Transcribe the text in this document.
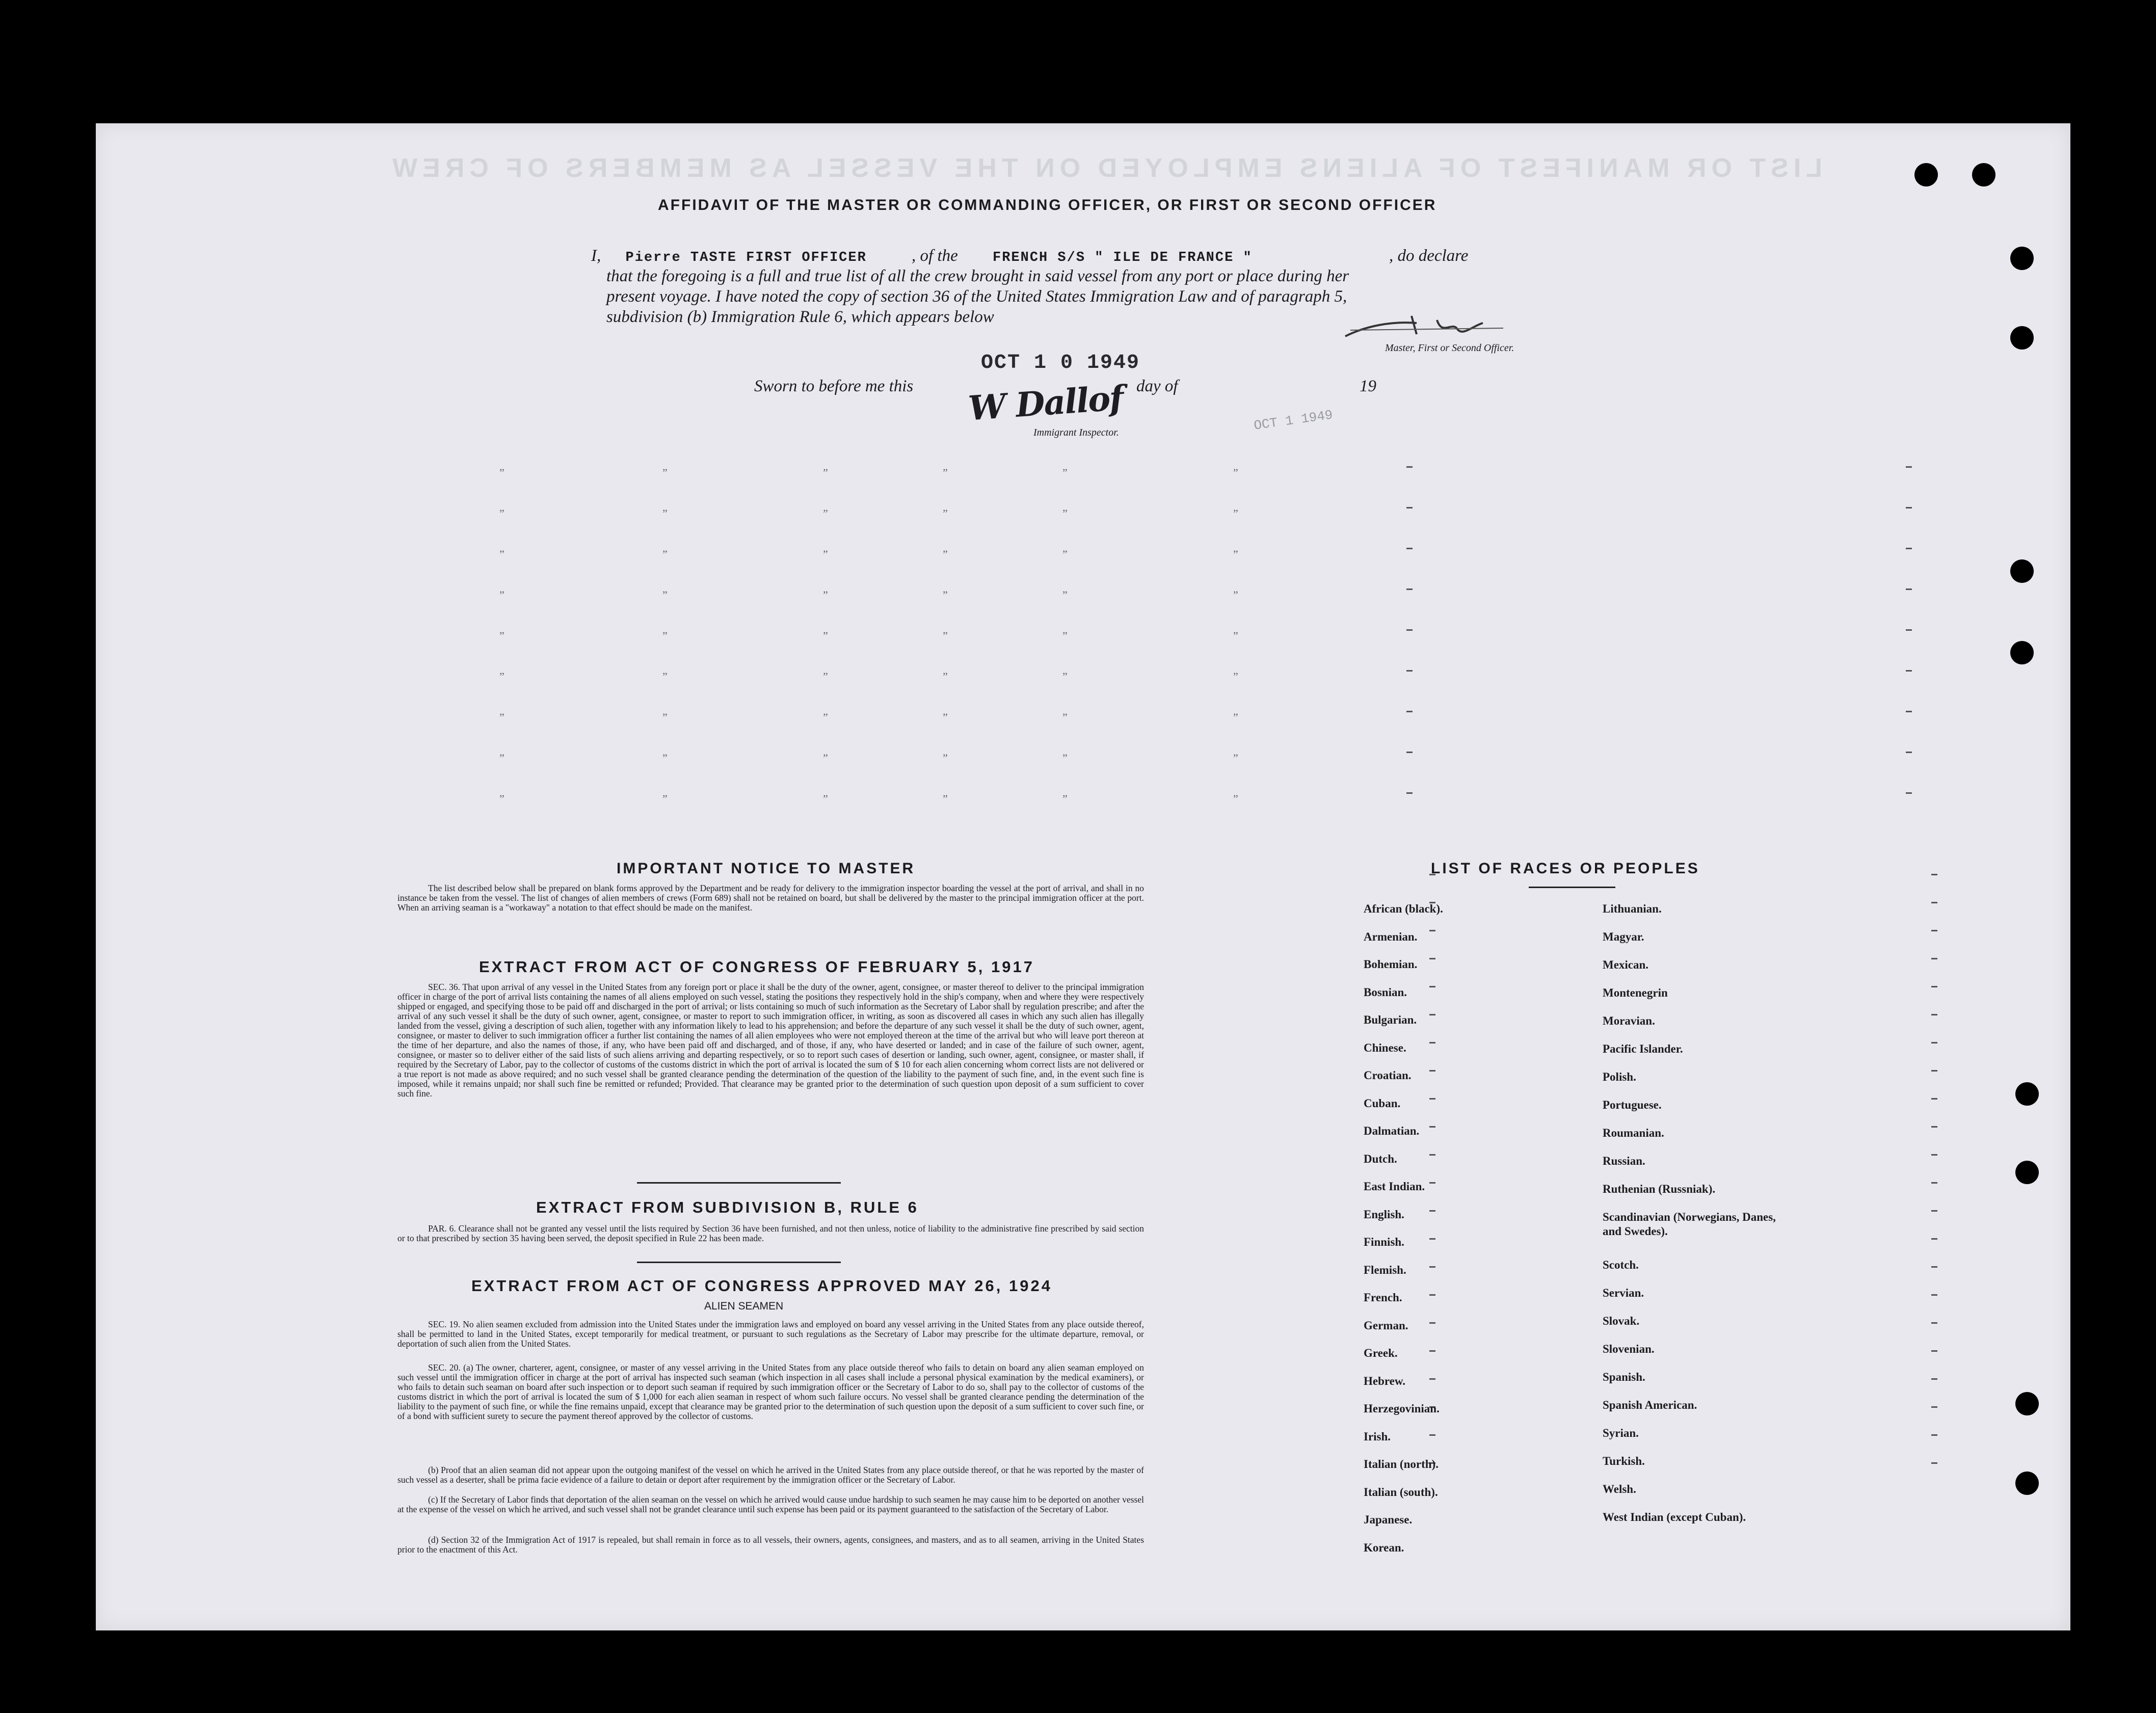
LIST OR MANIFEST OF ALIENS EMPLOYED ON THE VESSEL AS MEMBERS OF CREW
AFFIDAVIT OF THE MASTER OR COMMANDING OFFICER, OR FIRST OR SECOND OFFICER
I, Pierre TASTE FIRST OFFICER	, of the	FRENCH S/S " ILE DE FRANCE "	, do declare
that the foregoing is a full and true list of all the crew brought in said vessel from any port or place during her
present voyage. I have noted the copy of section 36 of the United States Immigration Law and of paragraph 5,
subdivision (b) Immigration Rule 6, which appears below
Master, First or Second Officer.
OCT 1 0 1949
Sworn to before me this	day of	19
W Dallof
Immigrant Inspector.	OCT 1 1949
”	”	”	”	”	”
”	”	”	”	”	”
”	”	”	”	”	”
”	”	”	”	”	”
”	”	”	”	”	”
”	”	”	”	”	”
”	”	”	”	”	”
”	”	”	”	”	”
”	”	”	”	”	”
IMPORTANT NOTICE TO MASTER
The list described below shall be prepared on blank forms approved by the Department and be ready for delivery to the immigration inspector boarding the vessel at the port of arrival, and shall in no instance be taken from the vessel. The list of changes of alien members of crews (Form 689) shall not be retained on board, but shall be delivered by the master to the principal immigration officer at the port. When an arriving seaman is a "workaway" a notation to that effect should be made on the manifest.
EXTRACT FROM ACT OF CONGRESS OF FEBRUARY 5, 1917
SEC. 36. That upon arrival of any vessel in the United States from any foreign port or place it shall be the duty of the owner, agent, consignee, or master thereof to deliver to the principal immigration officer in charge of the port of arrival lists containing the names of all aliens employed on such vessel, stating the positions they respectively hold in the ship's company, when and where they were respectively shipped or engaged, and specifying those to be paid off and discharged in the port of arrival; or lists containing so much of such information as the Secretary of Labor shall by regulation prescribe; and after the arrival of any such vessel it shall be the duty of such owner, agent, consignee, or master to report to such immigration officer, in writing, as soon as discovered all cases in which any such alien has illegally landed from the vessel, giving a description of such alien, together with any information likely to lead to his apprehension; and before the departure of any such vessel it shall be the duty of such owner, agent, consignee, or master to deliver to such immigration officer a further list containing the names of all alien employees who were not employed thereon at the time of the arrival but who will leave port thereon at the time of her departure, and also the names of those, if any, who have been paid off and discharged, and of those, if any, who have deserted or landed; and in case of the failure of such owner, agent, consignee, or master so to deliver either of the said lists of such aliens arriving and departing respectively, or so to report such cases of desertion or landing, such owner, agent, consignee, or master shall, if required by the Secretary of Labor, pay to the collector of customs of the customs district in which the port of arrival is located the sum of $ 10 for each alien concerning whom correct lists are not delivered or a true report is not made as above required; and no such vessel shall be granted clearance pending the determination of the question of the liability to the payment of such fine, and, in the event such fine is imposed, while it remains unpaid; nor shall such fine be remitted or refunded; Provided. That clearance may be granted prior to the determination of such question upon deposit of a sum sufficient to cover such fine.
EXTRACT FROM SUBDIVISION B, RULE 6
PAR. 6. Clearance shall not be granted any vessel until the lists required by Section 36 have been furnished, and not then unless, notice of liability to the administrative fine prescribed by said section or to that prescribed by section 35 having been served, the deposit specified in Rule 22 has been made.
EXTRACT FROM ACT OF CONGRESS APPROVED MAY 26, 1924
ALIEN SEAMEN
SEC. 19. No alien seamen excluded from admission into the United States under the immigration laws and employed on board any vessel arriving in the United States from any place outside thereof, shall be permitted to land in the United States, except temporarily for medical treatment, or pursuant to such regulations as the Secretary of Labor may prescribe for the ultimate departure, removal, or deportation of such alien from the United States.
SEC. 20. (a) The owner, charterer, agent, consignee, or master of any vessel arriving in the United States from any place outside thereof who fails to detain on board any alien seaman employed on such vessel until the immigration officer in charge at the port of arrival has inspected such seaman (which inspection in all cases shall include a personal physical examination by the medical examiners), or who fails to detain such seaman on board after such inspection or to deport such seaman if required by such immigration officer or the Secretary of Labor to do so, shall pay to the collector of customs of the customs district in which the port of arrival is located the sum of $ 1,000 for each alien seaman in respect of whom such failure occurs. No vessel shall be granted clearance pending the determination of the liability to the payment of such fine, or while the fine remains unpaid, except that clearance may be granted prior to the determination of such question upon the deposit of a sum sufficient to cover such fine, or of a bond with sufficient surety to secure the payment thereof approved by the collector of customs.
(b) Proof that an alien seaman did not appear upon the outgoing manifest of the vessel on which he arrived in the United States from any place outside thereof, or that he was reported by the master of such vessel as a deserter, shall be prima facie evidence of a failure to detain or deport after requirement by the immigration officer or the Secretary of Labor.
(c) If the Secretary of Labor finds that deportation of the alien seaman on the vessel on which he arrived would cause undue hardship to such seamen he may cause him to be deported on another vessel at the expense of the vessel on which he arrived, and such vessel shall not be grandet clearance until such expense has been paid or its payment guaranteed to the satisfaction of the Secretary of Labor.
(d) Section 32 of the Immigration Act of 1917 is repealed, but shall remain in force as to all vessels, their owners, agents, consignees, and masters, and as to all seamen, arriving in the United States prior to the enactment of this Act.
LIST OF RACES OR PEOPLES
African (black).
Armenian.
Bohemian.
Bosnian.
Bulgarian.
Chinese.
Croatian.
Cuban.
Dalmatian.
Dutch.
East Indian.
English.
Finnish.
Flemish.
French.
German.
Greek.
Hebrew.
Herzegovinian.
Irish.
Italian (north).
Italian (south).
Japanese.
Korean.
Lithuanian.
Magyar.
Mexican.
Montenegrin
Moravian.
Pacific Islander.
Polish.
Portuguese.
Roumanian.
Russian.
Ruthenian (Russniak).
Scandinavian (Norwegians, Danes, and Swedes).
Scotch.
Servian.
Slovak.
Slovenian.
Spanish.
Spanish American.
Syrian.
Turkish.
Welsh.
West Indian (except Cuban).
